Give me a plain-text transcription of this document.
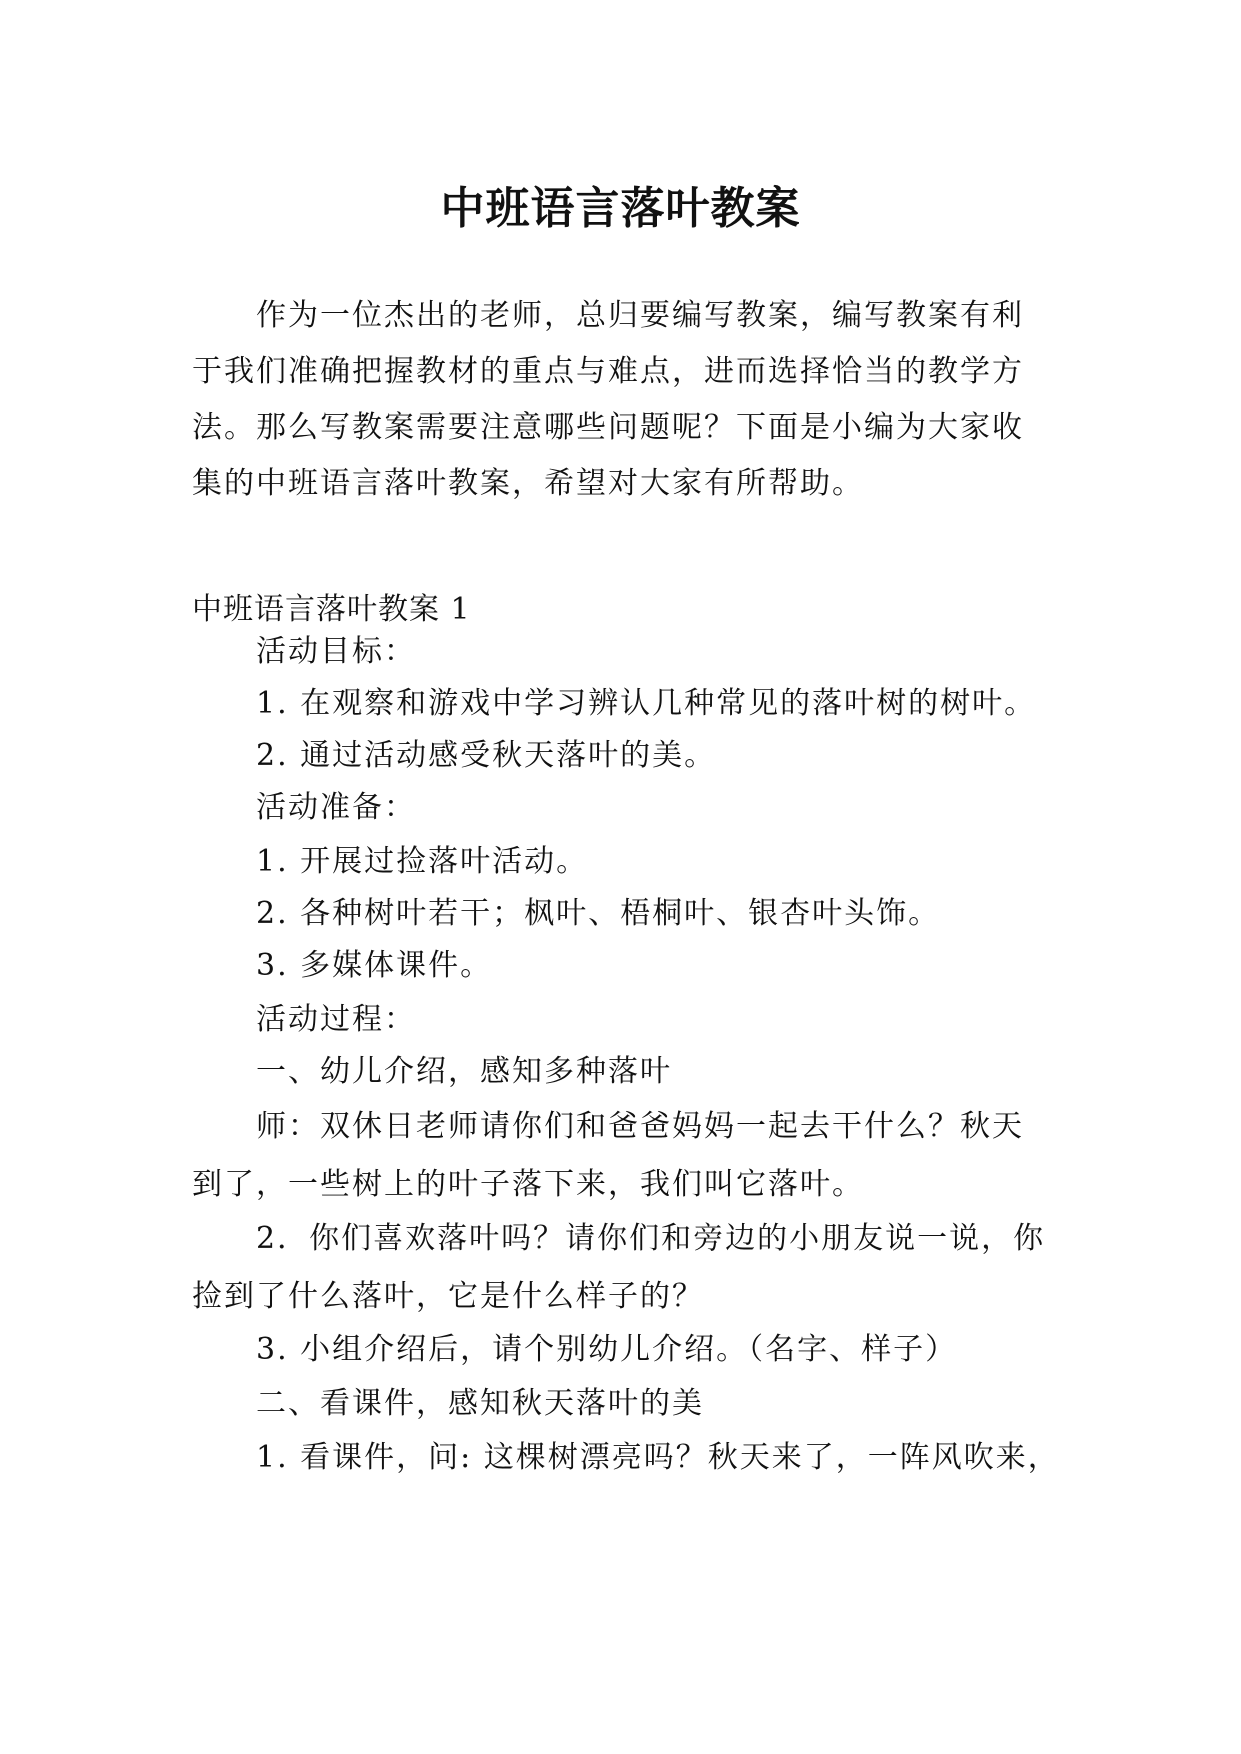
中班语言落叶教案

作为一位杰出的老师，总归要编写教案，编写教案有利于我们准确把握教材的重点与难点，进而选择恰当的教学方法。那么写教案需要注意哪些问题呢？下面是小编为大家收集的中班语言落叶教案，希望对大家有所帮助。

中班语言落叶教案 1

活动目标：

1. 在观察和游戏中学习辨认几种常见的落叶树的树叶。

2. 通过活动感受秋天落叶的美。

活动准备：

1. 开展过捡落叶活动。

2. 各种树叶若干；枫叶、梧桐叶、银杏叶头饰。

3. 多媒体课件。

活动过程：

一、幼儿介绍，感知多种落叶

师：双休日老师请你们和爸爸妈妈一起去干什么？秋天到了，一些树上的叶子落下来，我们叫它落叶。

2．你们喜欢落叶吗？请你们和旁边的小朋友说一说，你捡到了什么落叶，它是什么样子的？

3. 小组介绍后，请个别幼儿介绍。（名字、样子）

二、看课件，感知秋天落叶的美

1. 看课件，问: 这棵树漂亮吗？秋天来了，一阵风吹来，
